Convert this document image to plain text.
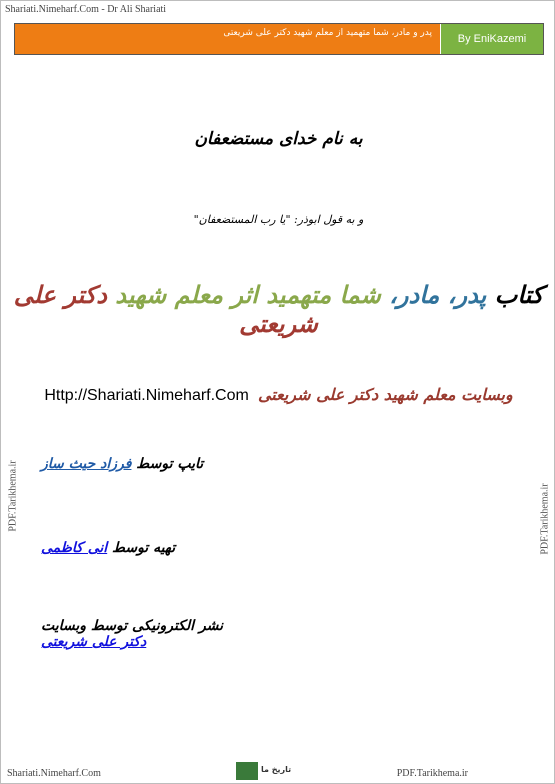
Shariati.Nimeharf.Com - Dr Ali Shariati
پدر و مادر، شما متهمید از معلم شهید دکتر علی شریعتی	By EniKazemi
به نام خدای مستضعفان
و به قول ابوذر: "یا رب المستضعفان"
کتاب پدر، مادر، شما متهمید اثر معلم شهید دکتر علی شریعتی
Http://Shariati.Nimeharf.Com وبسایت معلم شهید دکتر علی شریعتی
تایپ توسط فرزاد حیث ساز
تهیه توسط انی کاظمی
نشر الکترونیکی توسط وبسایت دکتر علی شریعتی
PDF.Tarikhema.ir	PDF.Tarikhema.ir
Shariati.Nimeharf.Com	تاریخ ما	PDF.Tarikhema.ir
